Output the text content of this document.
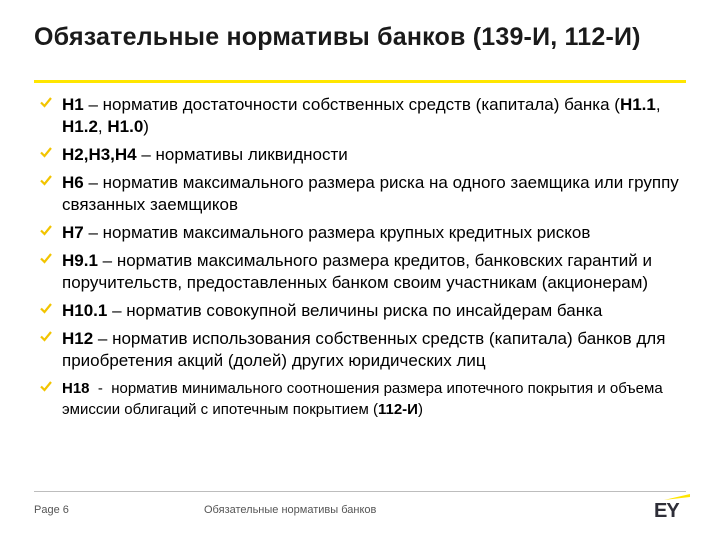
Обязательные нормативы банков (139-И, 112-И)
Н1 – норматив достаточности собственных средств (капитала) банка (Н1.1, Н1.2, Н1.0)
Н2,Н3,Н4 – нормативы ликвидности
Н6 – норматив максимального размера риска на одного заемщика или группу связанных заемщиков
Н7 – норматив максимального размера крупных кредитных рисков
Н9.1 – норматив максимального размера кредитов, банковских гарантий и поручительств, предоставленных банком своим участникам (акционерам)
Н10.1 – норматив совокупной величины риска по инсайдерам банка
Н12 – норматив использования собственных средств (капитала) банков для приобретения акций (долей) других юридических лиц
Н18  -  норматив минимального соотношения размера ипотечного покрытия и объема эмиссии облигаций с ипотечным покрытием (112-И)
Page 6	Обязательные нормативы банков	EY
